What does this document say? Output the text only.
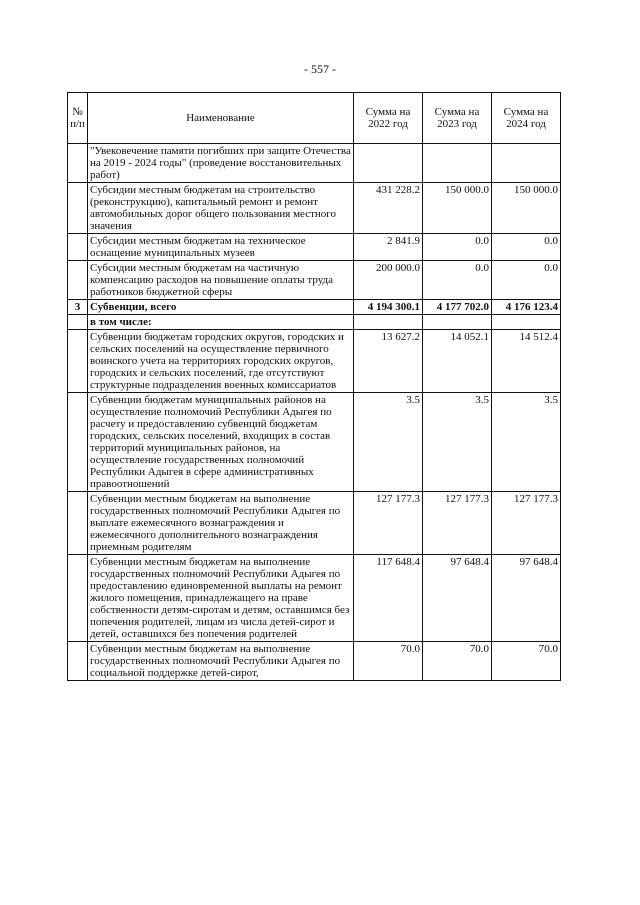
- 557 -
№ п/п	Наименование	Сумма на 2022 год	Сумма на 2023 год	Сумма на 2024 год
	"Увековечение памяти погибших при защите Отечества на 2019 - 2024 годы" (проведение восстановительных работ)			
	Субсидии местным бюджетам на строительство (реконструкцию), капитальный ремонт и ремонт автомобильных дорог общего пользования местного значения	431 228.2	150 000.0	150 000.0
	Субсидии местным бюджетам на техническое оснащение муниципальных музеев	2 841.9	0.0	0.0
	Субсидии местным бюджетам на частичную компенсацию расходов на повышение оплаты труда работников бюджетной сферы	200 000.0	0.0	0.0
3	Субвенции, всего	4 194 300.1	4 177 702.0	4 176 123.4
	в том числе:			
	Субвенции бюджетам городских округов, городских и сельских поселений на осуществление первичного воинского учета на территориях городских округов, городских и сельских поселений, где отсутствуют структурные подразделения военных комиссариатов	13 627.2	14 052.1	14 512.4
	Субвенции бюджетам муниципальных районов на осуществление полномочий Республики Адыгея по расчету и предоставлению субвенций бюджетам городских, сельских поселений, входящих в состав территорий муниципальных районов, на осуществление государственных полномочий Республики Адыгея в сфере административных правоотношений	3.5	3.5	3.5
	Субвенции местным бюджетам на выполнение государственных полномочий Республики Адыгея по выплате ежемесячного вознаграждения и ежемесячного дополнительного вознаграждения приемным родителям	127 177.3	127 177.3	127 177.3
	Субвенции местным бюджетам на выполнение государственных полномочий Республики Адыгея по предоставлению единовременной выплаты на ремонт жилого помещения, принадлежащего на праве собственности детям-сиротам и детям, оставшимся без попечения родителей, лицам из числа детей-сирот и детей, оставшихся без попечения родителей	117 648.4	97 648.4	97 648.4
	Субвенции местным бюджетам на выполнение государственных полномочий Республики Адыгея по социальной поддержке детей-сирот,	70.0	70.0	70.0
